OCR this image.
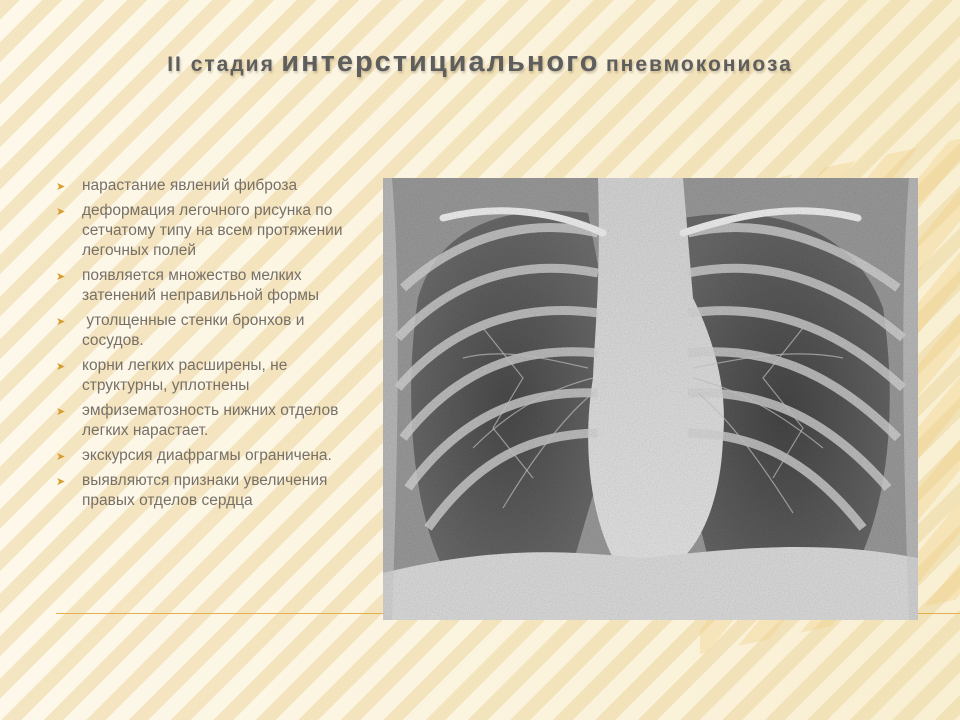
II стадия интерстициального пневмокониоза
➤ нарастание явлений фиброза
➤ деформация легочного рисунка по сетчатому типу на всем протяжении легочных полей
➤ появляется множество мелких затенений неправильной формы
➤ утолщенные стенки бронхов и сосудов.
➤ корни легких расширены, не структурны, уплотнены
➤ эмфизематозность нижних отделов легких нарастает.
➤ экскурсия диафрагмы ограничена.
➤ выявляются признаки увеличения правых отделов сердца
